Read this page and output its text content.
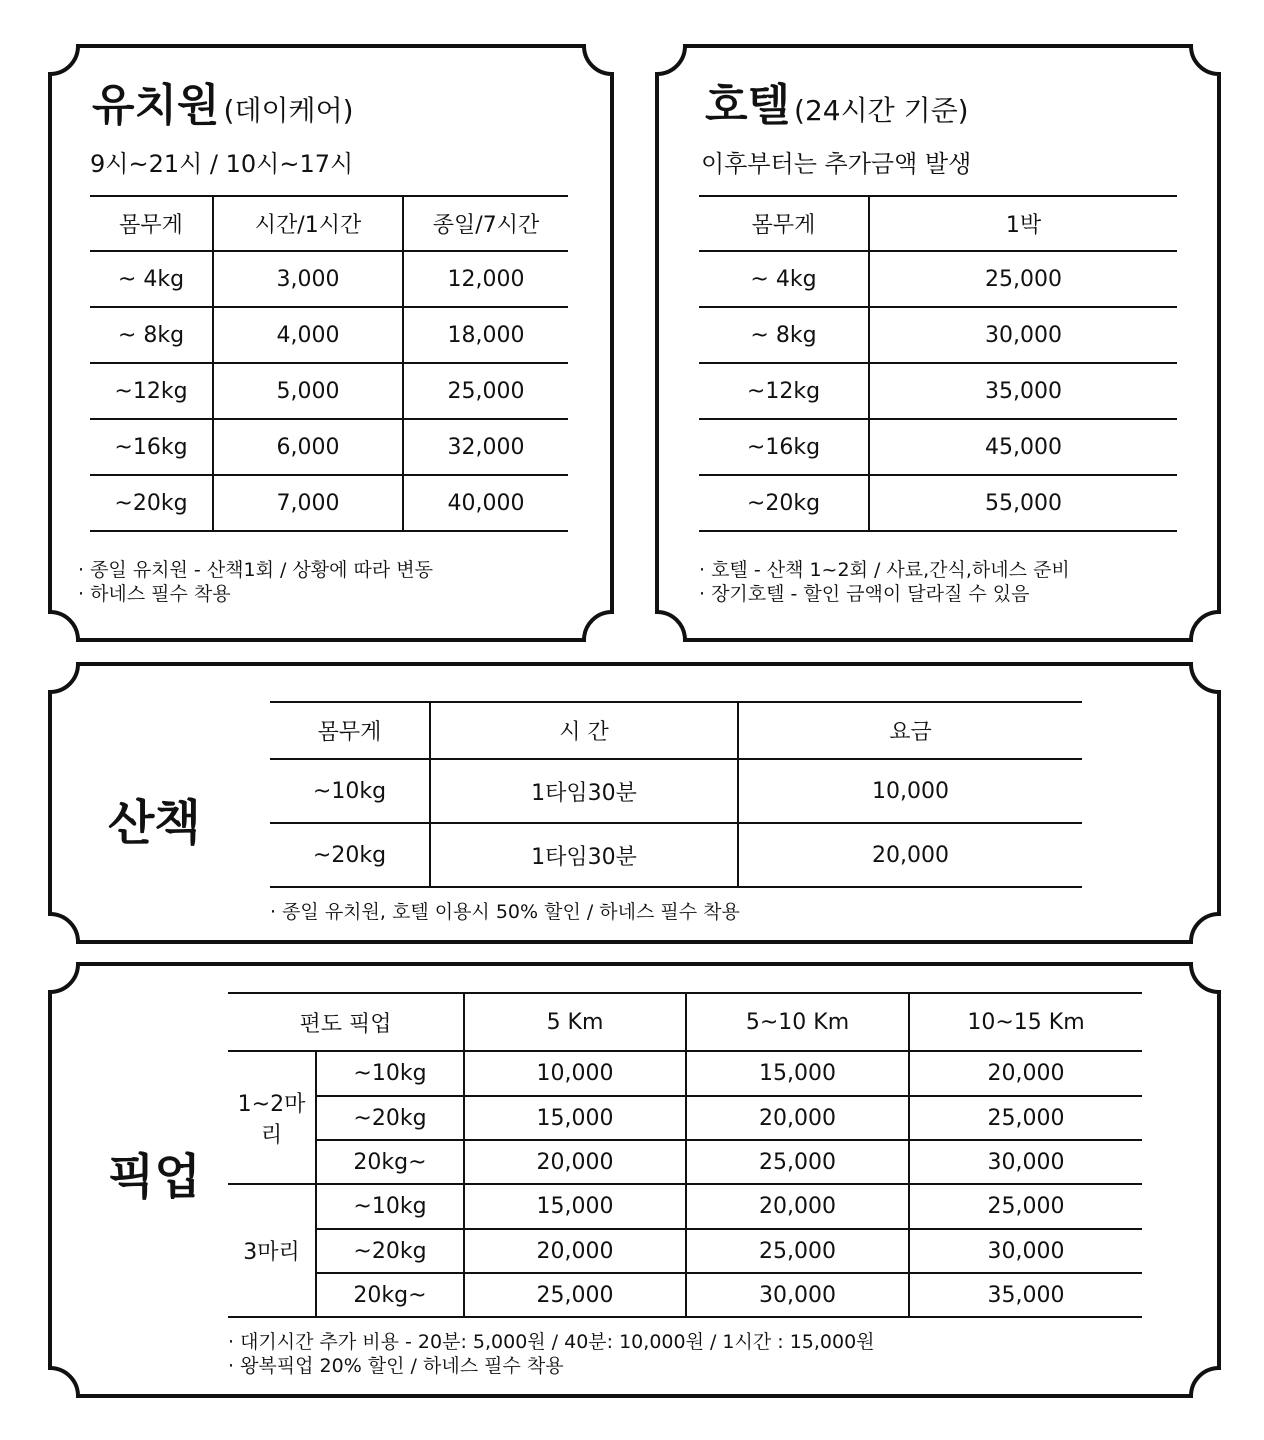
유치원 (데이케어)
9시~21시 / 10시~17시
몸무게	시간/1시간	종일/7시간
~ 4kg	3,000	12,000
~ 8kg	4,000	18,000
~12kg	5,000	25,000
~16kg	6,000	32,000
~20kg	7,000	40,000
· 종일 유치원 - 산책1회 / 상황에 따라 변동
· 하네스 필수 착용
호텔 (24시간 기준)
이후부터는 추가금액 발생
몸무게	1박
~ 4kg	25,000
~ 8kg	30,000
~12kg	35,000
~16kg	45,000
~20kg	55,000
· 호텔 - 산책 1~2회 / 사료,간식,하네스 준비
· 장기호텔 - 할인 금액이 달라질 수 있음
산책
몸무게	시 간	요금
~10kg	1타임30분	10,000
~20kg	1타임30분	20,000
· 종일 유치원, 호텔 이용시 50% 할인 / 하네스 필수 착용
픽업
편도 픽업		5 Km	5~10 Km	10~15 Km
1~2마리	~10kg	10,000	15,000	20,000
	~20kg	15,000	20,000	25,000
	20kg~	20,000	25,000	30,000
3마리	~10kg	15,000	20,000	25,000
	~20kg	20,000	25,000	30,000
	20kg~	25,000	30,000	35,000
· 대기시간 추가 비용 - 20분: 5,000원 / 40분: 10,000원 / 1시간 : 15,000원
· 왕복픽업 20% 할인 / 하네스 필수 착용
